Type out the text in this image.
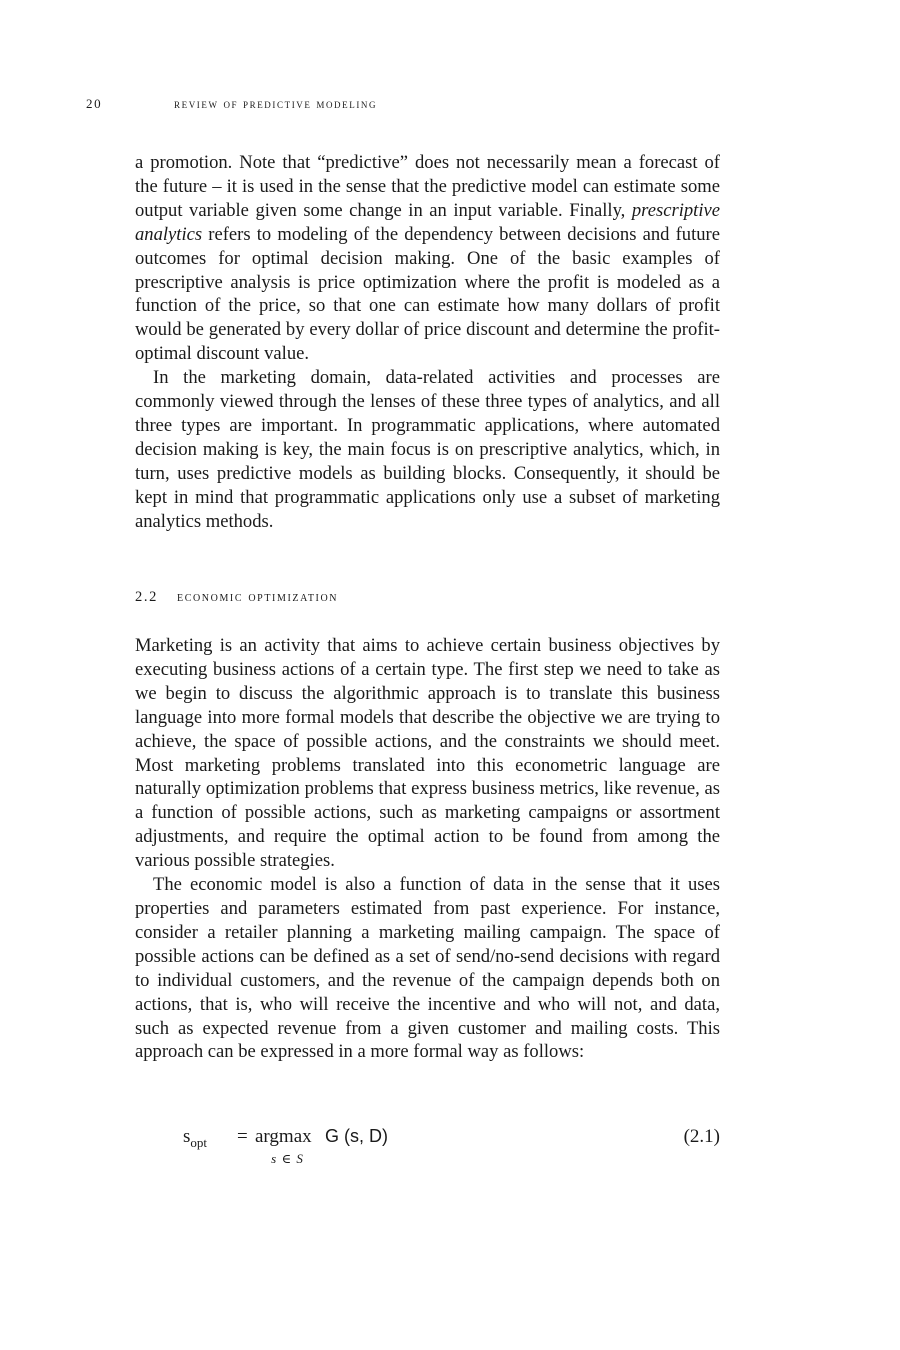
20	review of predictive modeling

a promotion. Note that “predictive” does not necessarily mean a forecast of the future – it is used in the sense that the predictive model can estimate some output variable given some change in an input variable. Finally, prescriptive analytics refers to modeling of the dependency between decisions and future outcomes for optimal decision making. One of the basic examples of prescriptive analysis is price optimization where the profit is modeled as a function of the price, so that one can estimate how many dollars of profit would be generated by every dollar of price discount and determine the profit-optimal discount value.

In the marketing domain, data-related activities and processes are commonly viewed through the lenses of these three types of analytics, and all three types are important. In programmatic applications, where automated decision making is key, the main focus is on prescriptive analytics, which, in turn, uses predictive models as building blocks. Consequently, it should be kept in mind that programmatic applications only use a subset of marketing analytics methods.

2.2 economic optimization

Marketing is an activity that aims to achieve certain business objectives by executing business actions of a certain type. The first step we need to take as we begin to discuss the algorithmic approach is to translate this business language into more formal models that describe the objective we are trying to achieve, the space of possible actions, and the constraints we should meet. Most marketing problems translated into this econometric language are naturally optimization problems that express business metrics, like revenue, as a function of possible actions, such as marketing campaigns or assortment adjustments, and require the optimal action to be found from among the various possible strategies.

The economic model is also a function of data in the sense that it uses properties and parameters estimated from past experience. For instance, consider a retailer planning a marketing mailing campaign. The space of possible actions can be defined as a set of send/no-send decisions with regard to individual customers, and the revenue of the campaign depends both on actions, that is, who will receive the incentive and who will not, and data, such as expected revenue from a given customer and mailing costs. This approach can be expressed in a more formal way as follows:

$s_{opt} = argmax$
s ∈ S
G (s, D)	(2.1)
